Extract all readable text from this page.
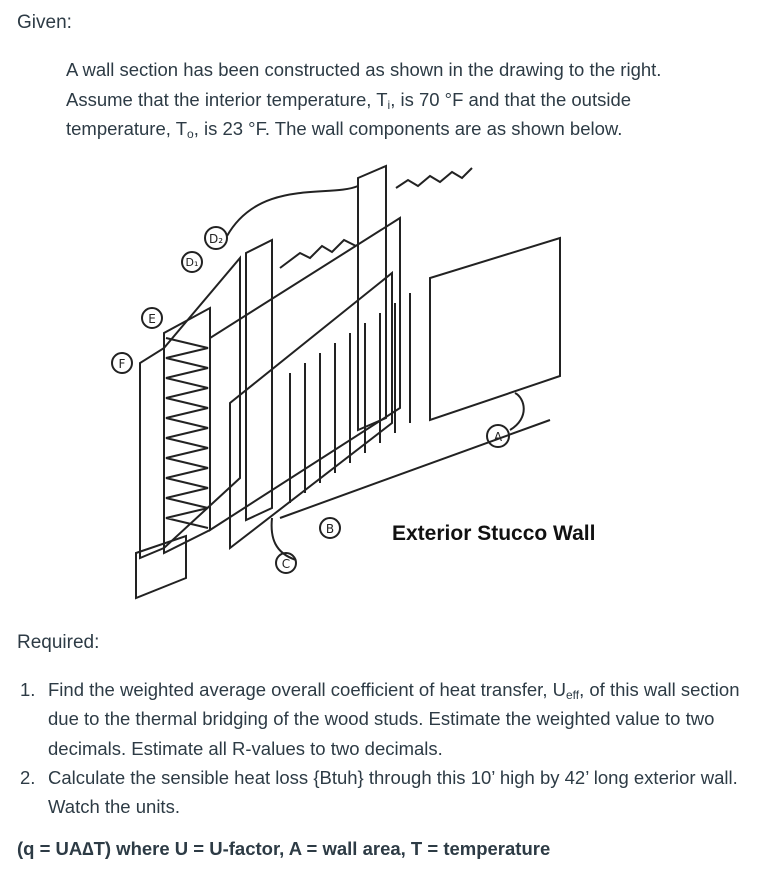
Given:
A wall section has been constructed as shown in the drawing to the right. Assume that the interior temperature, $T_i$, is 70 °F and that the outside temperature, $T_o$, is 23 °F. The wall components are as shown below.
D₂
D₁
E
F
A
B
C
Exterior Stucco Wall
Required:
1. Find the weighted average overall coefficient of heat transfer, $U_{eff}$, of this wall section due to the thermal bridging of the wood studs. Estimate the weighted value to two decimals. Estimate all R-values to two decimals.
2. Calculate the sensible heat loss {Btuh} through this 10’ high by 42’ long exterior wall. Watch the units.
(q = UA∆T) where U = U-factor, A = wall area, T = temperature
